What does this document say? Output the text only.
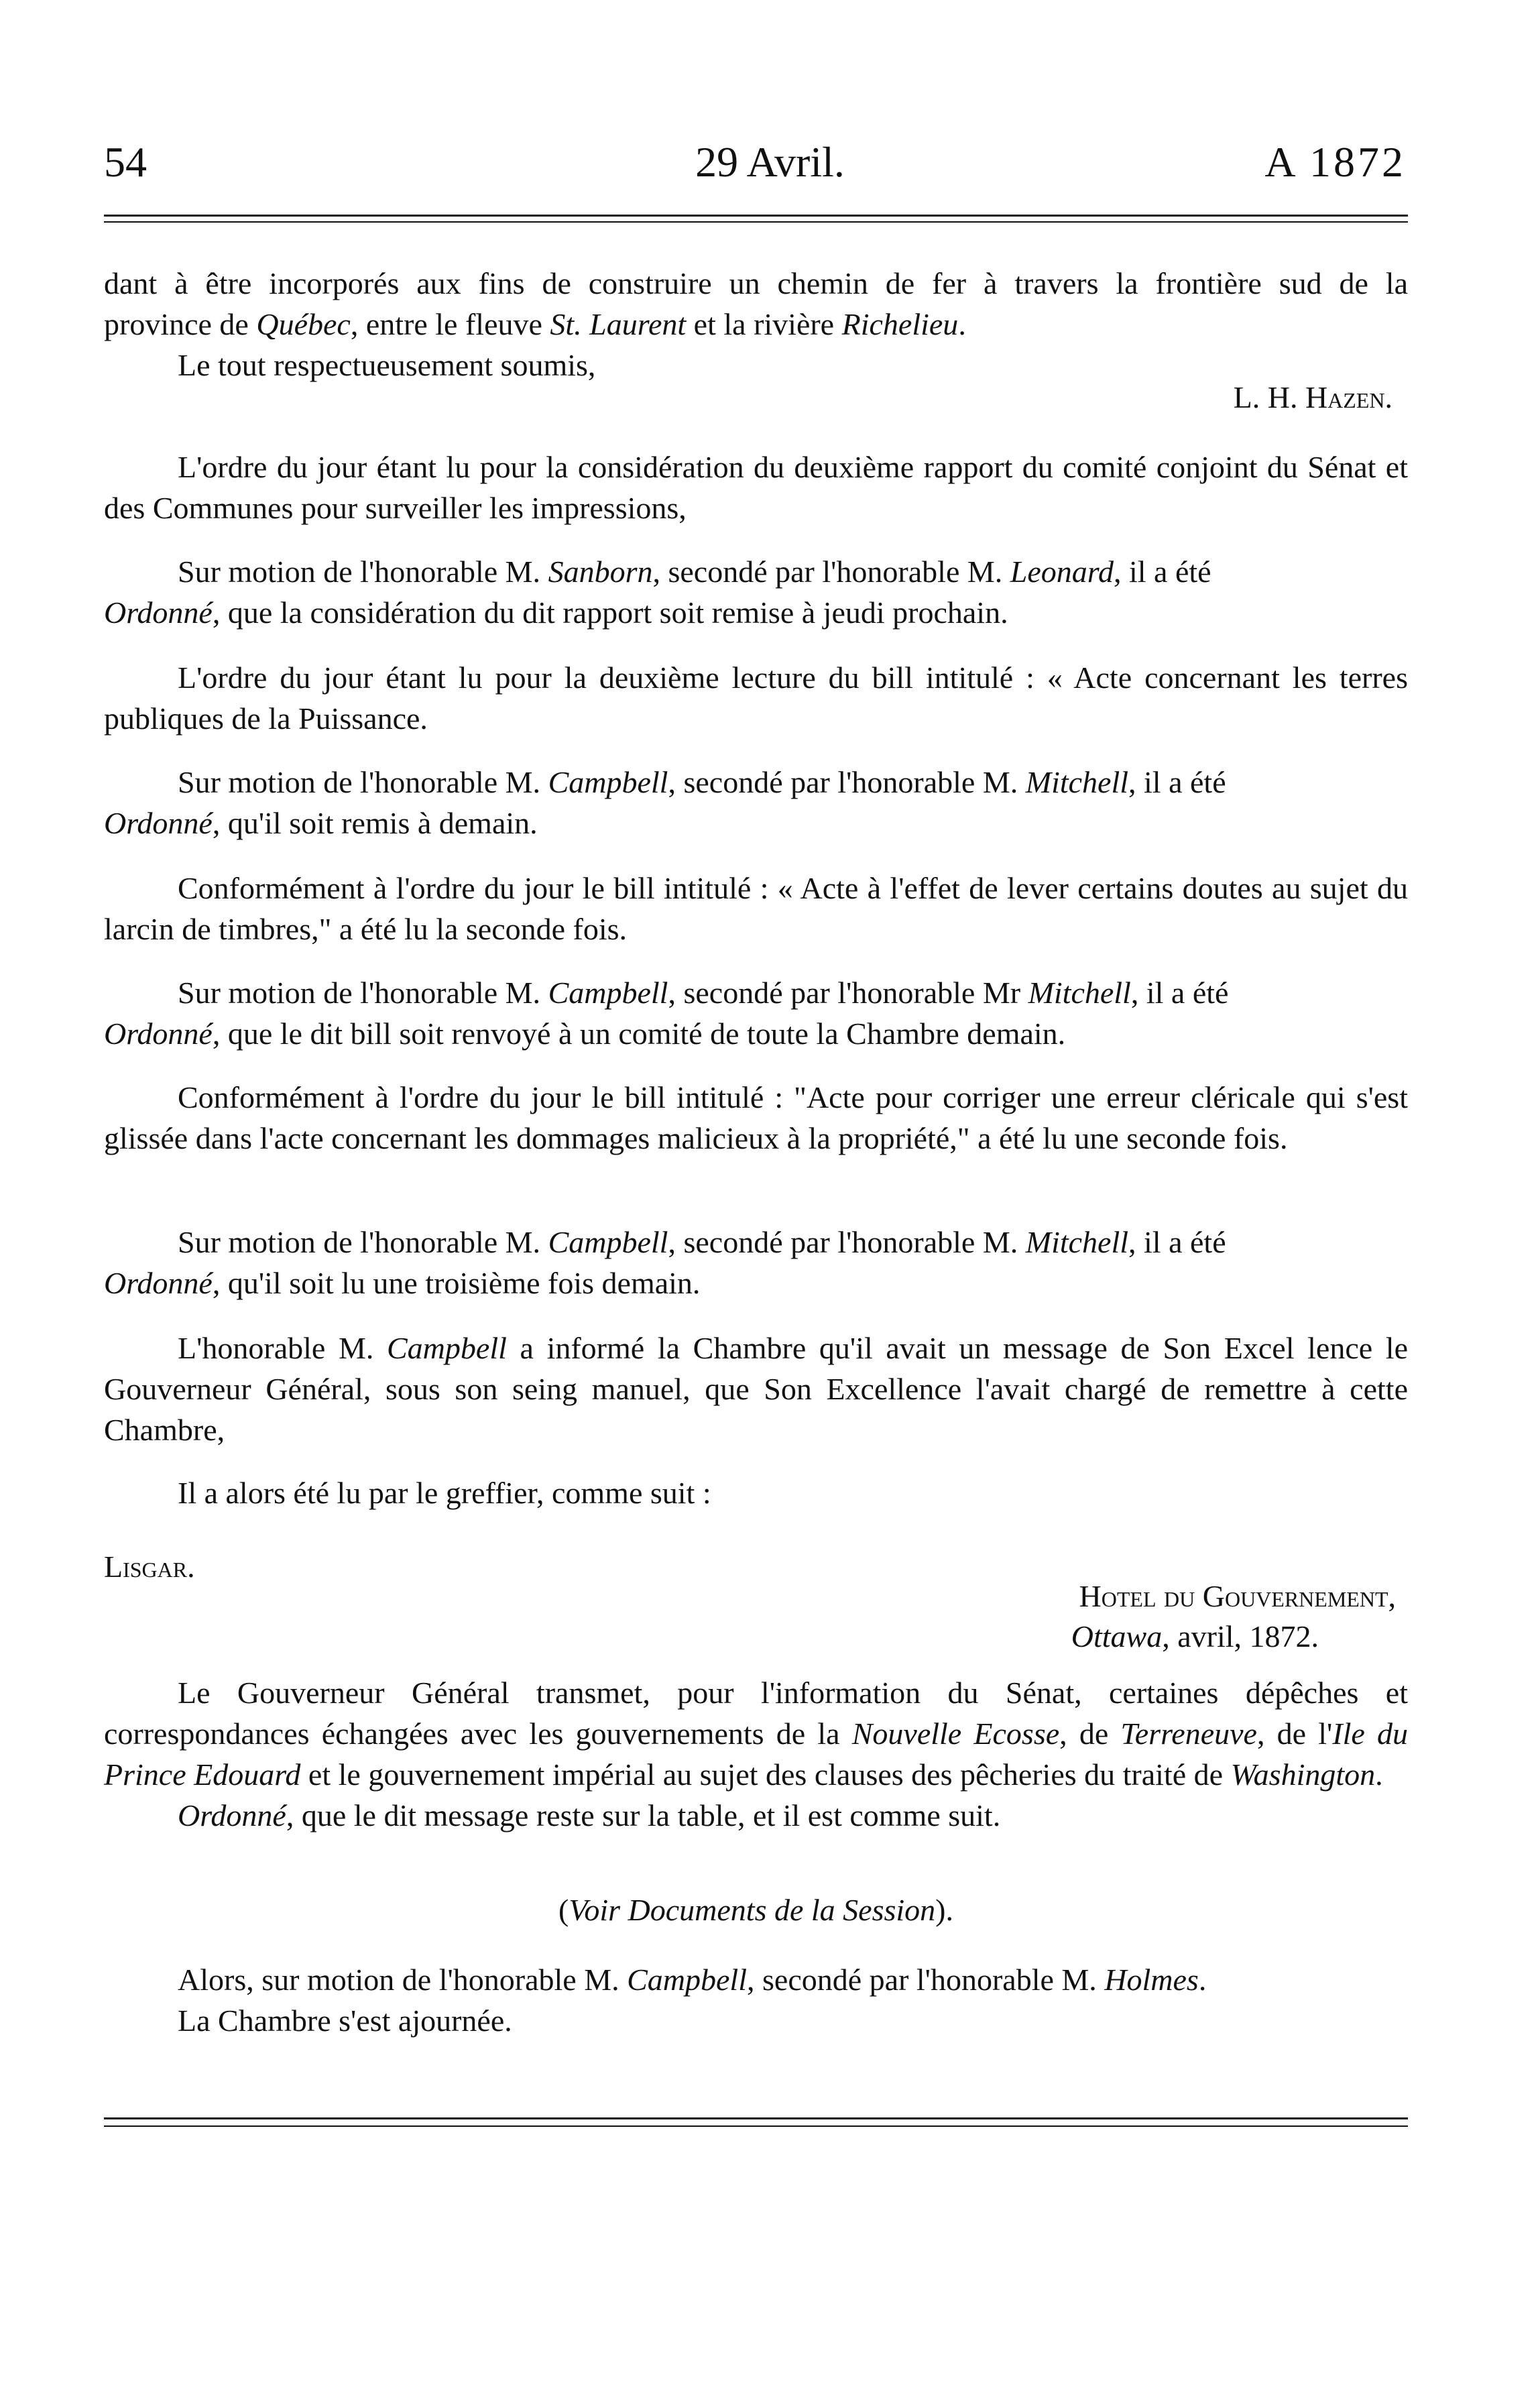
54	29 Avril.	A 1872

dant à être incorporés aux fins de construire un chemin de fer à travers la frontière sud de la

province de Québec, entre le fleuve St. Laurent et la rivière Richelieu.

Le tout respectueusement soumis,

L. H. Hazen.

L'ordre du jour étant lu pour la considération du deuxième rapport du comité conjoint du Sénat et des Communes pour surveiller les impressions,

Sur motion de l'honorable M. Sanborn, secondé par l'honorable M. Leonard, il a été
Ordonné, que la considération du dit rapport soit remise à jeudi prochain.

L'ordre du jour étant lu pour la deuxième lecture du bill intitulé : « Acte concernant les terres publiques de la Puissance.

Sur motion de l'honorable M. Campbell, secondé par l'honorable M. Mitchell, il a été
Ordonné, qu'il soit remis à demain.

Conformément à l'ordre du jour le bill intitulé : « Acte à l'effet de lever certains doutes au sujet du larcin de timbres," a été lu la seconde fois.

Sur motion de l'honorable M. Campbell, secondé par l'honorable Mr Mitchell, il a été
Ordonné, que le dit bill soit renvoyé à un comité de toute la Chambre demain.

Conformément à l'ordre du jour le bill intitulé : "Acte pour corriger une erreur cléricale qui s'est glissée dans l'acte concernant les dommages malicieux à la propriété," a été lu une seconde fois.

Sur motion de l'honorable M. Campbell, secondé par l'honorable M. Mitchell, il a été
Ordonné, qu'il soit lu une troisième fois demain.

L'honorable M. Campbell a informé la Chambre qu'il avait un message de Son Excel lence le Gouverneur Général, sous son seing manuel, que Son Excellence l'avait chargé de remettre à cette Chambre,

Il a alors été lu par le greffier, comme suit :

Lisgar.
Hotel du Gouvernement,
Ottawa, avril, 1872.

Le Gouverneur Général transmet, pour l'information du Sénat, certaines dépêches et correspondances échangées avec les gouvernements de la Nouvelle Ecosse, de Terreneuve, de l'Ile du Prince Edouard et le gouvernement impérial au sujet des clauses des pêcheries du traité de Washington.

Ordonné, que le dit message reste sur la table, et il est comme suit.

(Voir Documents de la Session).

Alors, sur motion de l'honorable M. Campbell, secondé par l'honorable M. Holmes.

La Chambre s'est ajournée.
